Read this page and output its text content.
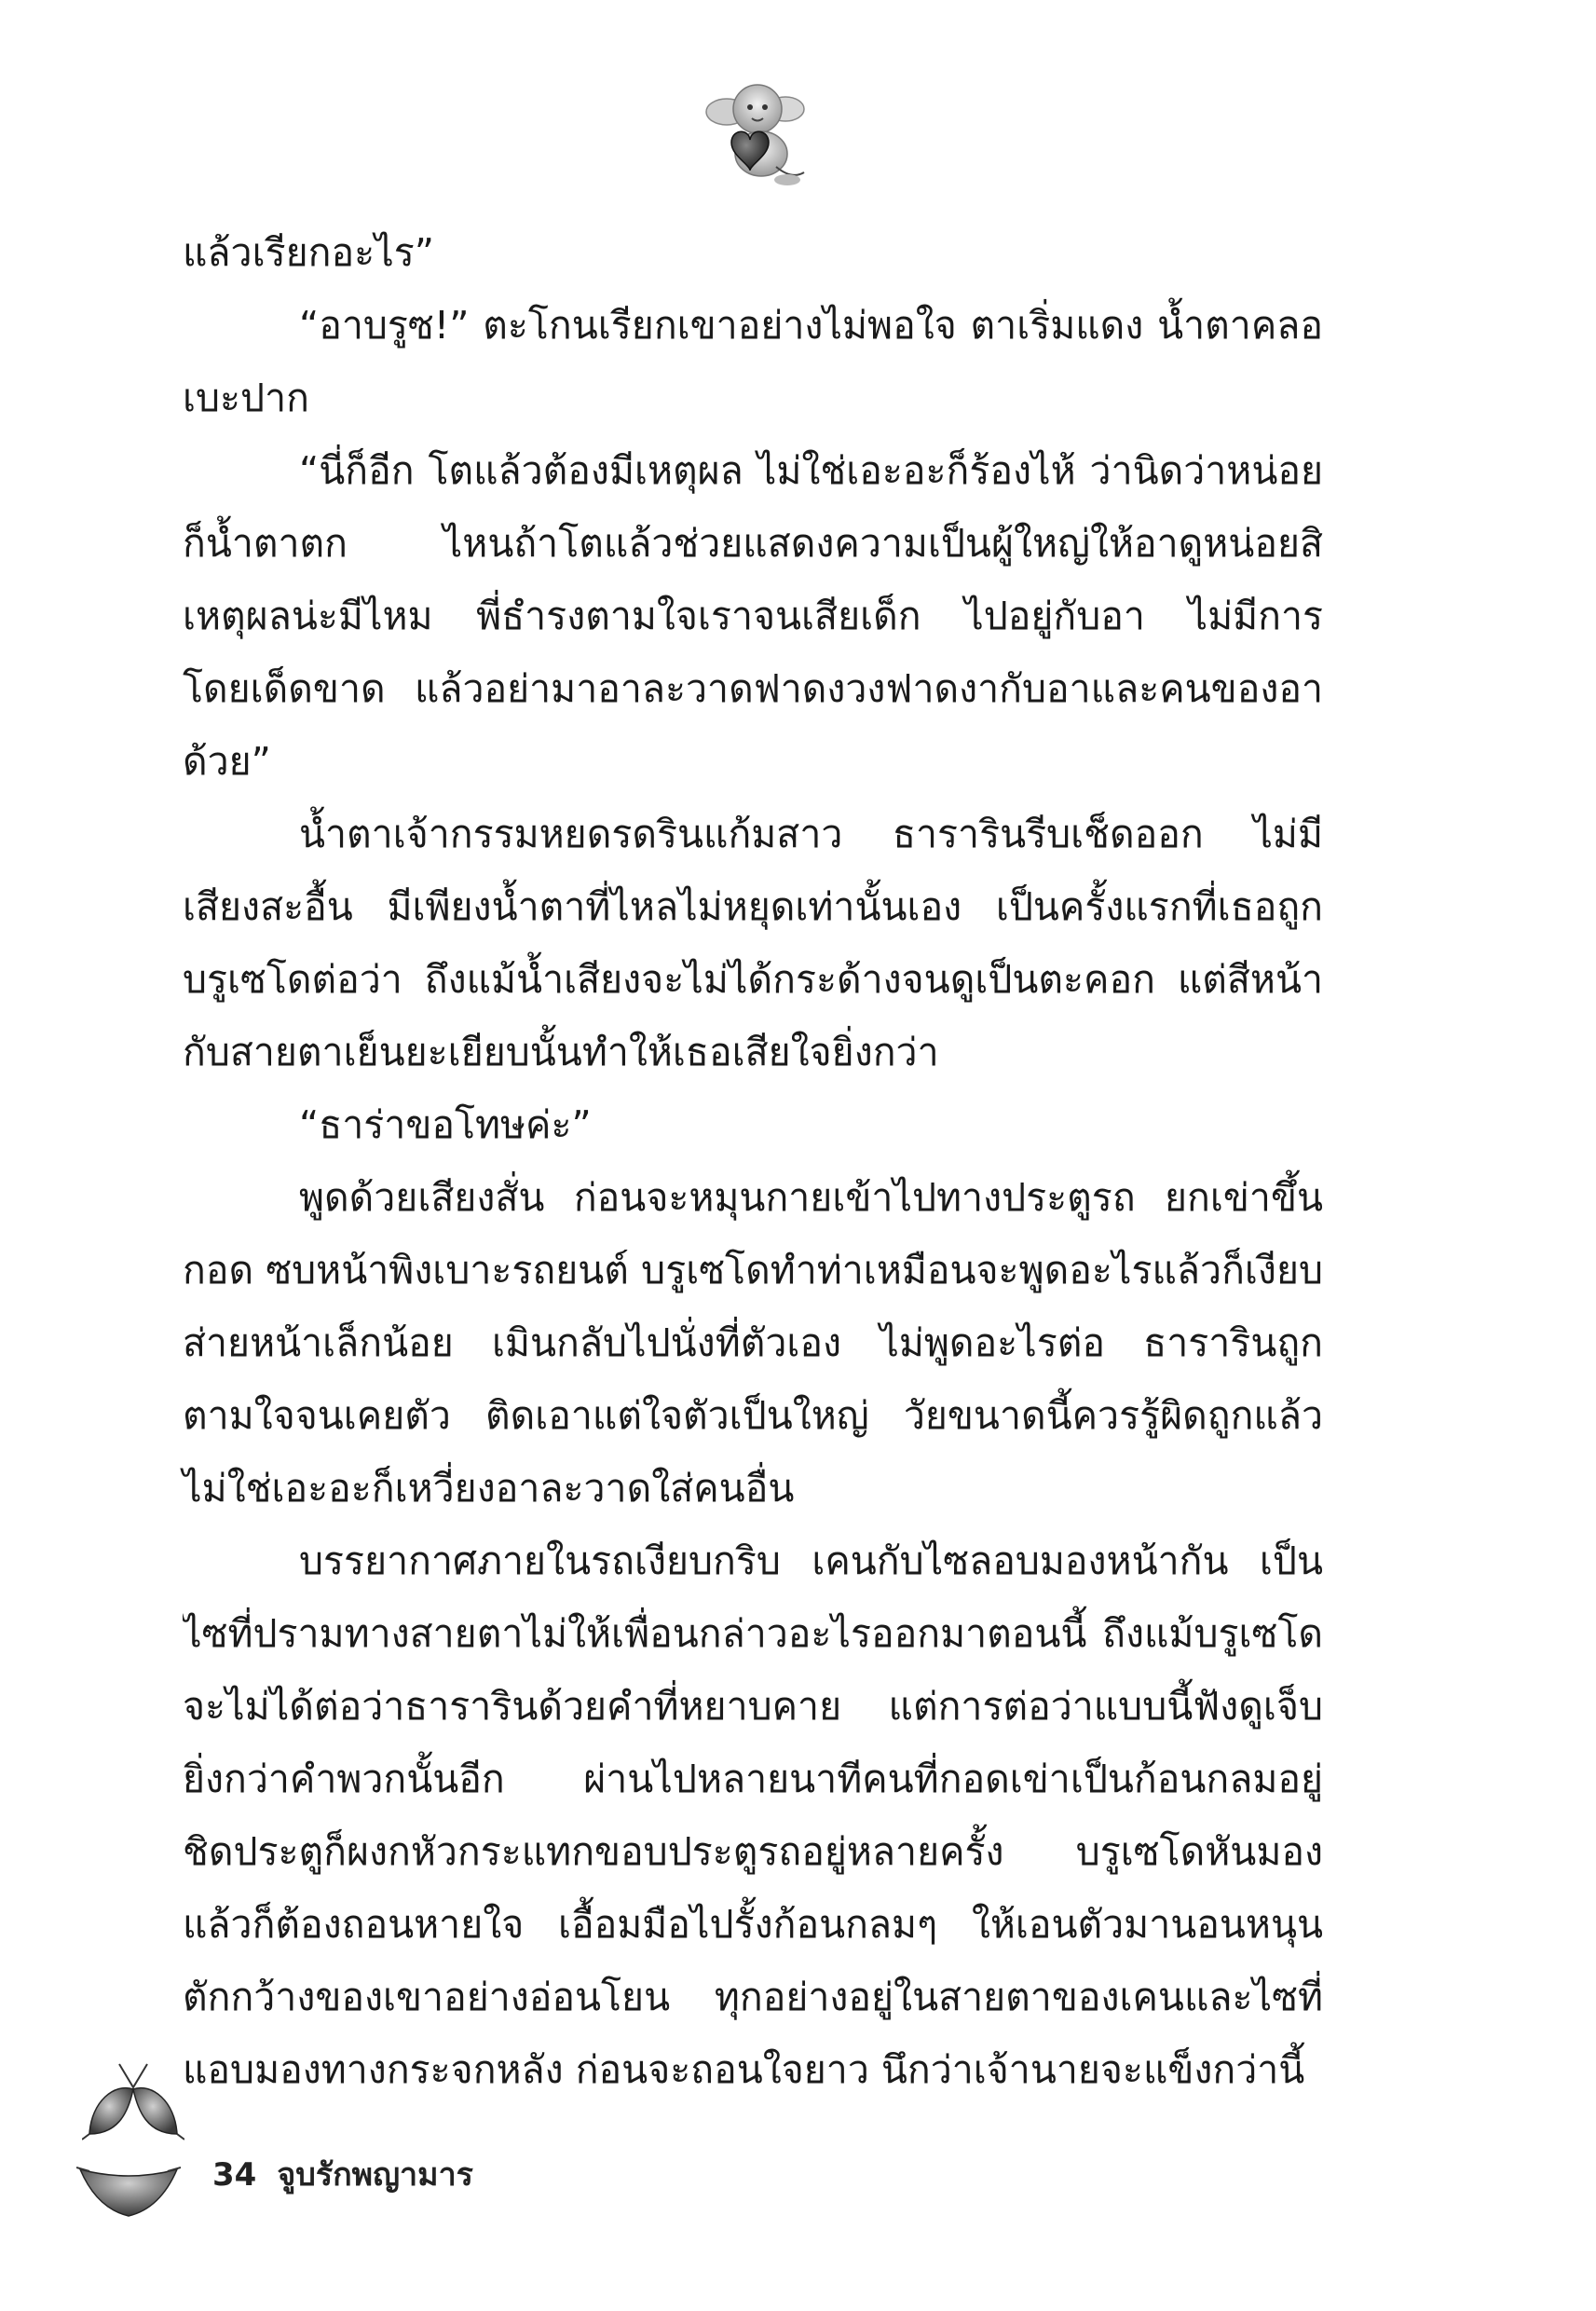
แล้วเรียกอะไร”
“อาบรูซ!” ตะโกนเรียกเขาอย่างไม่พอใจ ตาเริ่มแดง น้ำตาคลอ
เบะปาก
“นี่ก็อีก โตแล้วต้องมีเหตุผล ไม่ใช่เอะอะก็ร้องไห้ ว่านิดว่าหน่อย
ก็น้ำตาตก ไหนถ้าโตแล้วช่วยแสดงความเป็นผู้ใหญ่ให้อาดูหน่อยสิ
เหตุผลน่ะมีไหม พี่ธำรงตามใจเราจนเสียเด็ก ไปอยู่กับอา ไม่มีการ
โดยเด็ดขาด แล้วอย่ามาอาละวาดฟาดงวงฟาดงากับอาและคนของอา
ด้วย”
น้ำตาเจ้ากรรมหยดรดรินแก้มสาว ธารารินรีบเช็ดออก ไม่มี
เสียงสะอื้น มีเพียงน้ำตาที่ไหลไม่หยุดเท่านั้นเอง เป็นครั้งแรกที่เธอถูก
บรูเซโดต่อว่า ถึงแม้น้ำเสียงจะไม่ได้กระด้างจนดูเป็นตะคอก แต่สีหน้า
กับสายตาเย็นยะเยียบนั้นทำให้เธอเสียใจยิ่งกว่า
“ธาร่าขอโทษค่ะ”
พูดด้วยเสียงสั่น ก่อนจะหมุนกายเข้าไปทางประตูรถ ยกเข่าขึ้น
กอด ซบหน้าพิงเบาะรถยนต์ บรูเซโดทำท่าเหมือนจะพูดอะไรแล้วก็เงียบ
ส่ายหน้าเล็กน้อย เมินกลับไปนั่งที่ตัวเอง ไม่พูดอะไรต่อ ธารารินถูก
ตามใจจนเคยตัว ติดเอาแต่ใจตัวเป็นใหญ่ วัยขนาดนี้ควรรู้ผิดถูกแล้ว
ไม่ใช่เอะอะก็เหวี่ยงอาละวาดใส่คนอื่น
บรรยากาศภายในรถเงียบกริบ เคนกับไซลอบมองหน้ากัน เป็น
ไซที่ปรามทางสายตาไม่ให้เพื่อนกล่าวอะไรออกมาตอนนี้ ถึงแม้บรูเซโด
จะไม่ได้ต่อว่าธารารินด้วยคำที่หยาบคาย แต่การต่อว่าแบบนี้ฟังดูเจ็บ
ยิ่งกว่าคำพวกนั้นอีก ผ่านไปหลายนาทีคนที่กอดเข่าเป็นก้อนกลมอยู่
ชิดประตูก็ผงกหัวกระแทกขอบประตูรถอยู่หลายครั้ง บรูเซโดหันมอง
แล้วก็ต้องถอนหายใจ เอื้อมมือไปรั้งก้อนกลมๆ ให้เอนตัวมานอนหนุน
ตักกว้างของเขาอย่างอ่อนโยน ทุกอย่างอยู่ในสายตาของเคนและไซที่
แอบมองทางกระจกหลัง ก่อนจะถอนใจยาว นึกว่าเจ้านายจะแข็งกว่านี้
34 จูบรักพญามาร
